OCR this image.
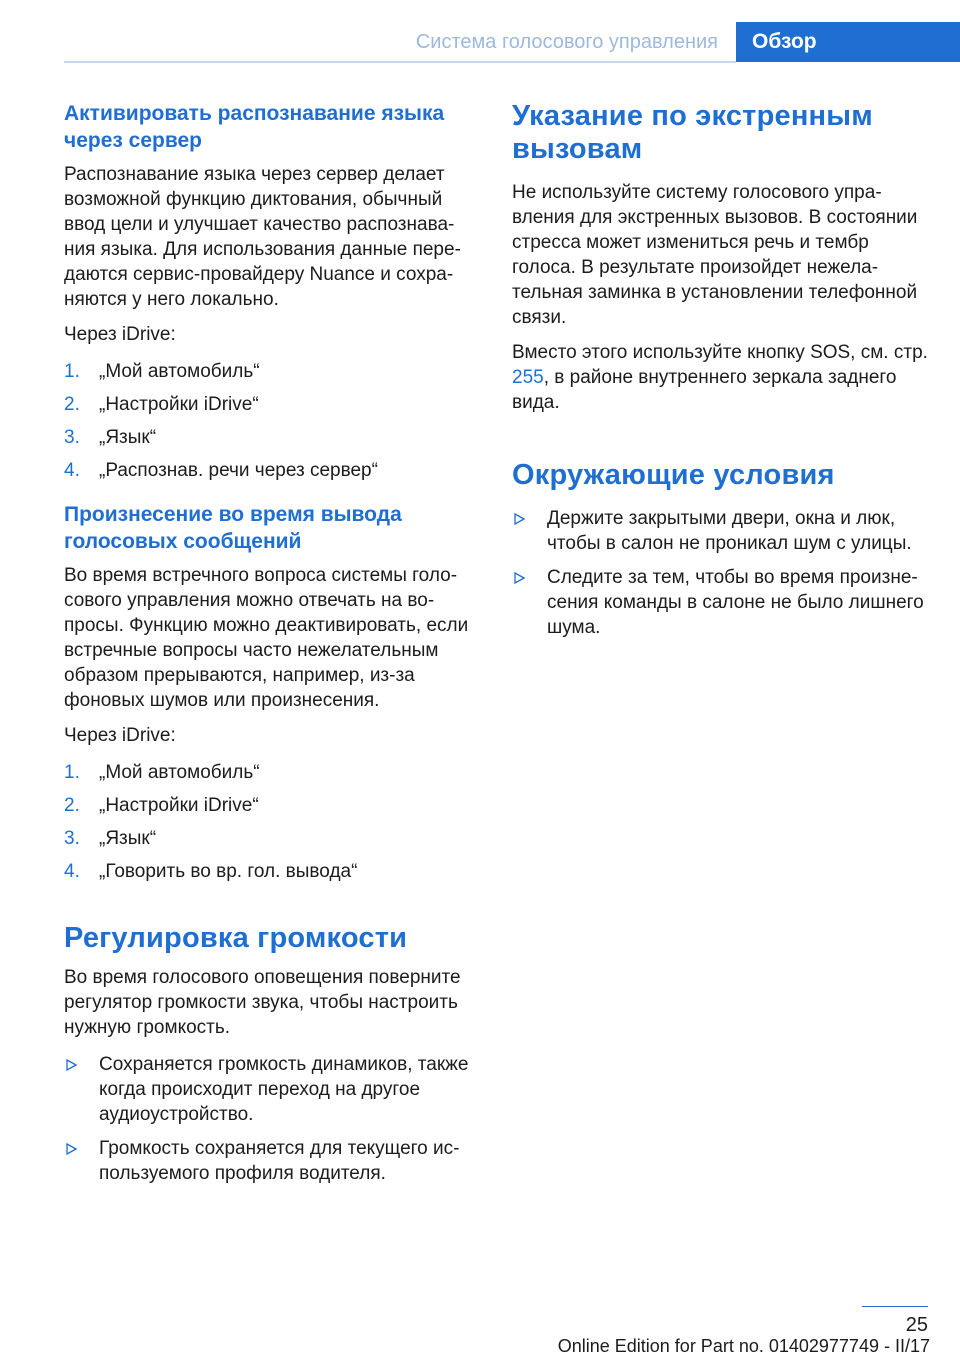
Система голосового управления	Обзор
Активировать распознавание языка через сервер
Распознавание языка через сервер делает возможной функцию диктования, обычный ввод цели и улучшает качество распознавания языка. Для использования данные передаются сервис-провайдеру Nuance и сохраняются у него локально.
Через iDrive:
1. „Мой автомобиль“
2. „Настройки iDrive“
3. „Язык“
4. „Распознав. речи через сервер“
Произнесение во время вывода голосовых сообщений
Во время встречного вопроса системы голосового управления можно отвечать на вопросы. Функцию можно деактивировать, если встречные вопросы часто нежелательным образом прерываются, например, из-за фоновых шумов или произнесения.
Через iDrive:
1. „Мой автомобиль“
2. „Настройки iDrive“
3. „Язык“
4. „Говорить во вр. гол. вывода“
Регулировка громкости
Во время голосового оповещения поверните регулятор громкости звука, чтобы настроить нужную громкость.
Сохраняется громкость динамиков, также когда происходит переход на другое аудиоустройство.
Громкость сохраняется для текущего используемого профиля водителя.
Указание по экстренным вызовам
Не используйте систему голосового управления для экстренных вызовов. В состоянии стресса может измениться речь и тембр голоса. В результате произойдет нежелательная заминка в установлении телефонной связи.
Вместо этого используйте кнопку SOS, см. стр. 255, в районе внутреннего зеркала заднего вида.
Окружающие условия
Держите закрытыми двери, окна и люк, чтобы в салон не проникал шум с улицы.
Следите за тем, чтобы во время произнесения команды в салоне не было лишнего шума.
25
Online Edition for Part no. 01402977749 - II/17
